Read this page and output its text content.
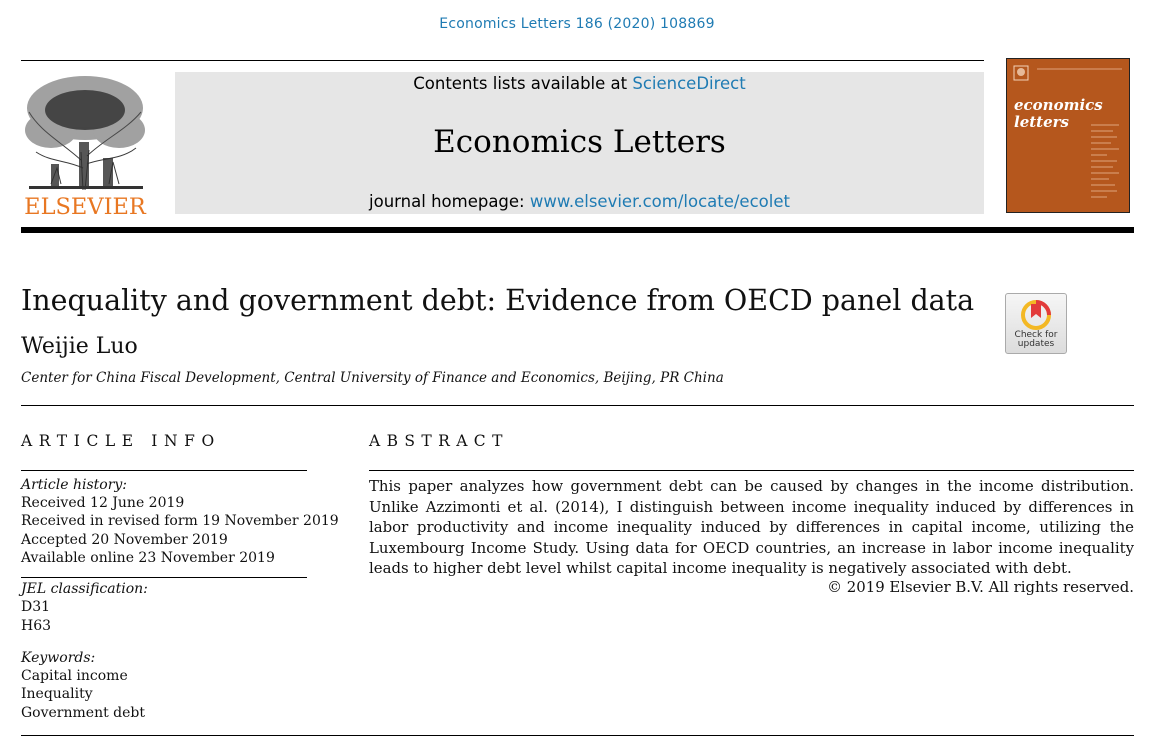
Economics Letters 186 (2020) 108869
ELSEVIER
Contents lists available at ScienceDirect
Economics Letters
journal homepage: www.elsevier.com/locate/ecolet
economics
letters
Inequality and government debt: Evidence from OECD panel data
Weijie Luo
Center for China Fiscal Development, Central University of Finance and Economics, Beijing, PR China
Check for
updates
ARTICLE INFO	ABSTRACT
Article history:
Received 12 June 2019
Received in revised form 19 November 2019
Accepted 20 November 2019
Available online 23 November 2019
JEL classification:
D31
H63
Keywords:
Capital income
Inequality
Government debt
This paper analyzes how government debt can be caused by changes in the income distribution. Unlike Azzimonti et al. (2014), I distinguish between income inequality induced by differences in labor productivity and income inequality induced by differences in capital income, utilizing the Luxembourg Income Study. Using data for OECD countries, an increase in labor income inequality leads to higher debt level whilst capital income inequality is negatively associated with debt.
© 2019 Elsevier B.V. All rights reserved.
